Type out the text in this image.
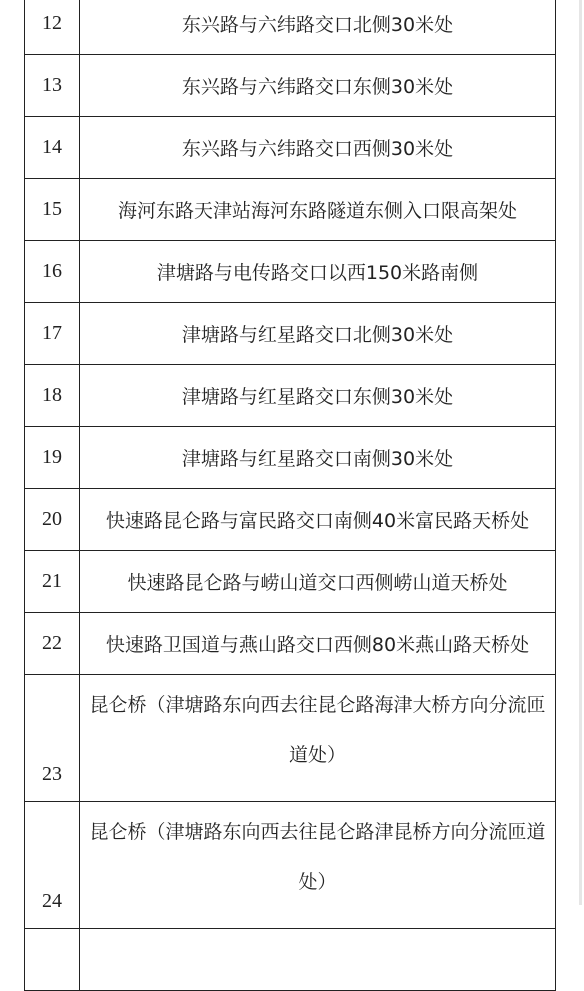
12	东兴路与六纬路交口北侧30米处

13	东兴路与六纬路交口东侧30米处

14	东兴路与六纬路交口西侧30米处

15	海河东路天津站海河东路隧道东侧入口限高架处

16	津塘路与电传路交口以西150米路南侧

17	津塘路与红星路交口北侧30米处

18	津塘路与红星路交口东侧30米处

19	津塘路与红星路交口南侧30米处

20	快速路昆仑路与富民路交口南侧40米富民路天桥处

21	快速路昆仑路与崂山道交口西侧崂山道天桥处

22	快速路卫国道与燕山路交口西侧80米燕山路天桥处

23	昆仑桥（津塘路东向西去往昆仑路海津大桥方向分流匝道处）

24	昆仑桥（津塘路东向西去往昆仑路津昆桥方向分流匝道处）
